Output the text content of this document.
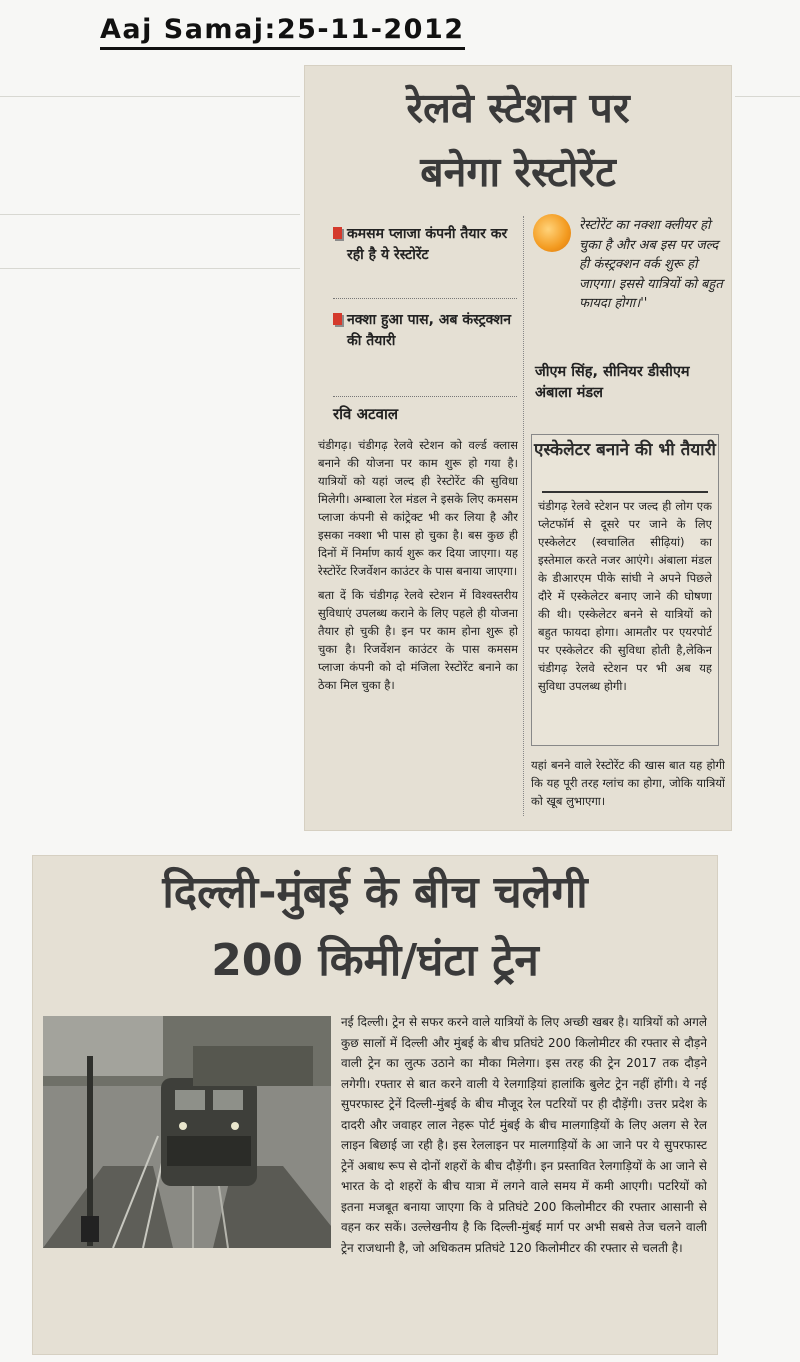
Aaj Samaj:25-11-2012
रेलवे स्टेशन पर
बनेगा रेस्टोरेंट
कमसम प्लाजा कंपनी तैयार कर रही है ये रेस्टोरेंट
नक्शा हुआ पास, अब कंस्ट्रक्शन की तैयारी
रवि अटवाल
रेस्टोरेंट का नक्शा क्लीयर हो चुका है और अब इस पर जल्द ही कंस्ट्रक्शन वर्क शुरू हो जाएगा। इससे यात्रियों को बहुत फायदा होगा।''
जीएम सिंह, सीनियर डीसीएम अंबाला मंडल

चंडीगढ़। चंडीगढ़ रेलवे स्टेशन को वर्ल्ड क्लास बनाने की योजना पर काम शुरू हो गया है। यात्रियों को यहां जल्द ही रेस्टोरेंट की सुविधा मिलेगी। अम्बाला रेल मंडल ने इसके लिए कमसम प्लाजा कंपनी से कांट्रेक्ट भी कर लिया है और इसका नक्शा भी पास हो चुका है। बस कुछ ही दिनों में निर्माण कार्य शुरू कर दिया जाएगा। यह रेस्टोरेंट रिजर्वेशन काउंटर के पास बनाया जाएगा।

बता दें कि चंडीगढ़ रेलवे स्टेशन में विश्वस्तरीय सुविधाएं उपलब्ध कराने के लिए पहले ही योजना तैयार हो चुकी है। इन पर काम होना शुरू हो चुका है। रिजर्वेशन काउंटर के पास कमसम प्लाजा कंपनी को दो मंजिला रेस्टोरेंट बनाने का ठेका मिल चुका है।

एस्केलेटर बनाने की भी तैयारी
चंडीगढ़ रेलवे स्टेशन पर जल्द ही लोग एक प्लेटफॉर्म से दूसरे पर जाने के लिए एस्केलेटर (स्वचालित सीढ़ियां) का इस्तेमाल करते नजर आएंगे। अंबाला मंडल के डीआरएम पीके सांघी ने अपने पिछले दौरे में एस्केलेटर बनाए जाने की घोषणा की थी। एस्केलेटर बनने से यात्रियों को बहुत फायदा होगा। आमतौर पर एयरपोर्ट पर एस्केलेटर की सुविधा होती है,लेकिन चंडीगढ़ रेलवे स्टेशन पर भी अब यह सुविधा उपलब्ध होगी।
यहां बनने वाले रेस्टोरेंट की खास बात यह होगी कि यह पूरी तरह ग्लांच का होगा, जोकि यात्रियों को खूब लुभाएगा।
दिल्ली-मुंबई के बीच चलेगी
200 किमी/घंटा ट्रेन
नई दिल्ली। ट्रेन से सफर करने वाले यात्रियों के लिए अच्छी खबर है। यात्रियों को अगले कुछ सालों में दिल्ली और मुंबई के बीच प्रतिघंटे 200 किलोमीटर की रफ्तार से दौड़ने वाली ट्रेन का लुत्फ उठाने का मौका मिलेगा। इस तरह की ट्रेन 2017 तक दौड़ने लगेगी। रफ्तार से बात करने वाली ये रेलगाड़ियां हालांकि बुलेट ट्रेन नहीं होंगी। ये नई सुपरफास्ट ट्रेनें दिल्ली-मुंबई के बीच मौजूद रेल पटरियों पर ही दौड़ेंगी। उत्तर प्रदेश के दादरी और जवाहर लाल नेहरू पोर्ट मुंबई के बीच मालगाड़ियों के लिए अलग से रेल लाइन बिछाई जा रही है। इस रेललाइन पर मालगाड़ियों के आ जाने पर ये सुपरफास्ट ट्रेनें अबाध रूप से दोनों शहरों के बीच दौड़ेंगी। इन प्रस्तावित रेलगाड़ियों के आ जाने से भारत के दो शहरों के बीच यात्रा में लगने वाले समय में कमी आएगी। पटरियों को इतना मजबूत बनाया जाएगा कि वे प्रतिघंटे 200 किलोमीटर की रफ्तार आसानी से वहन कर सकें। उल्लेखनीय है कि दिल्ली-मुंबई मार्ग पर अभी सबसे तेज चलने वाली ट्रेन राजधानी है, जो अधिकतम प्रतिघंटे 120 किलोमीटर की रफ्तार से चलती है।
